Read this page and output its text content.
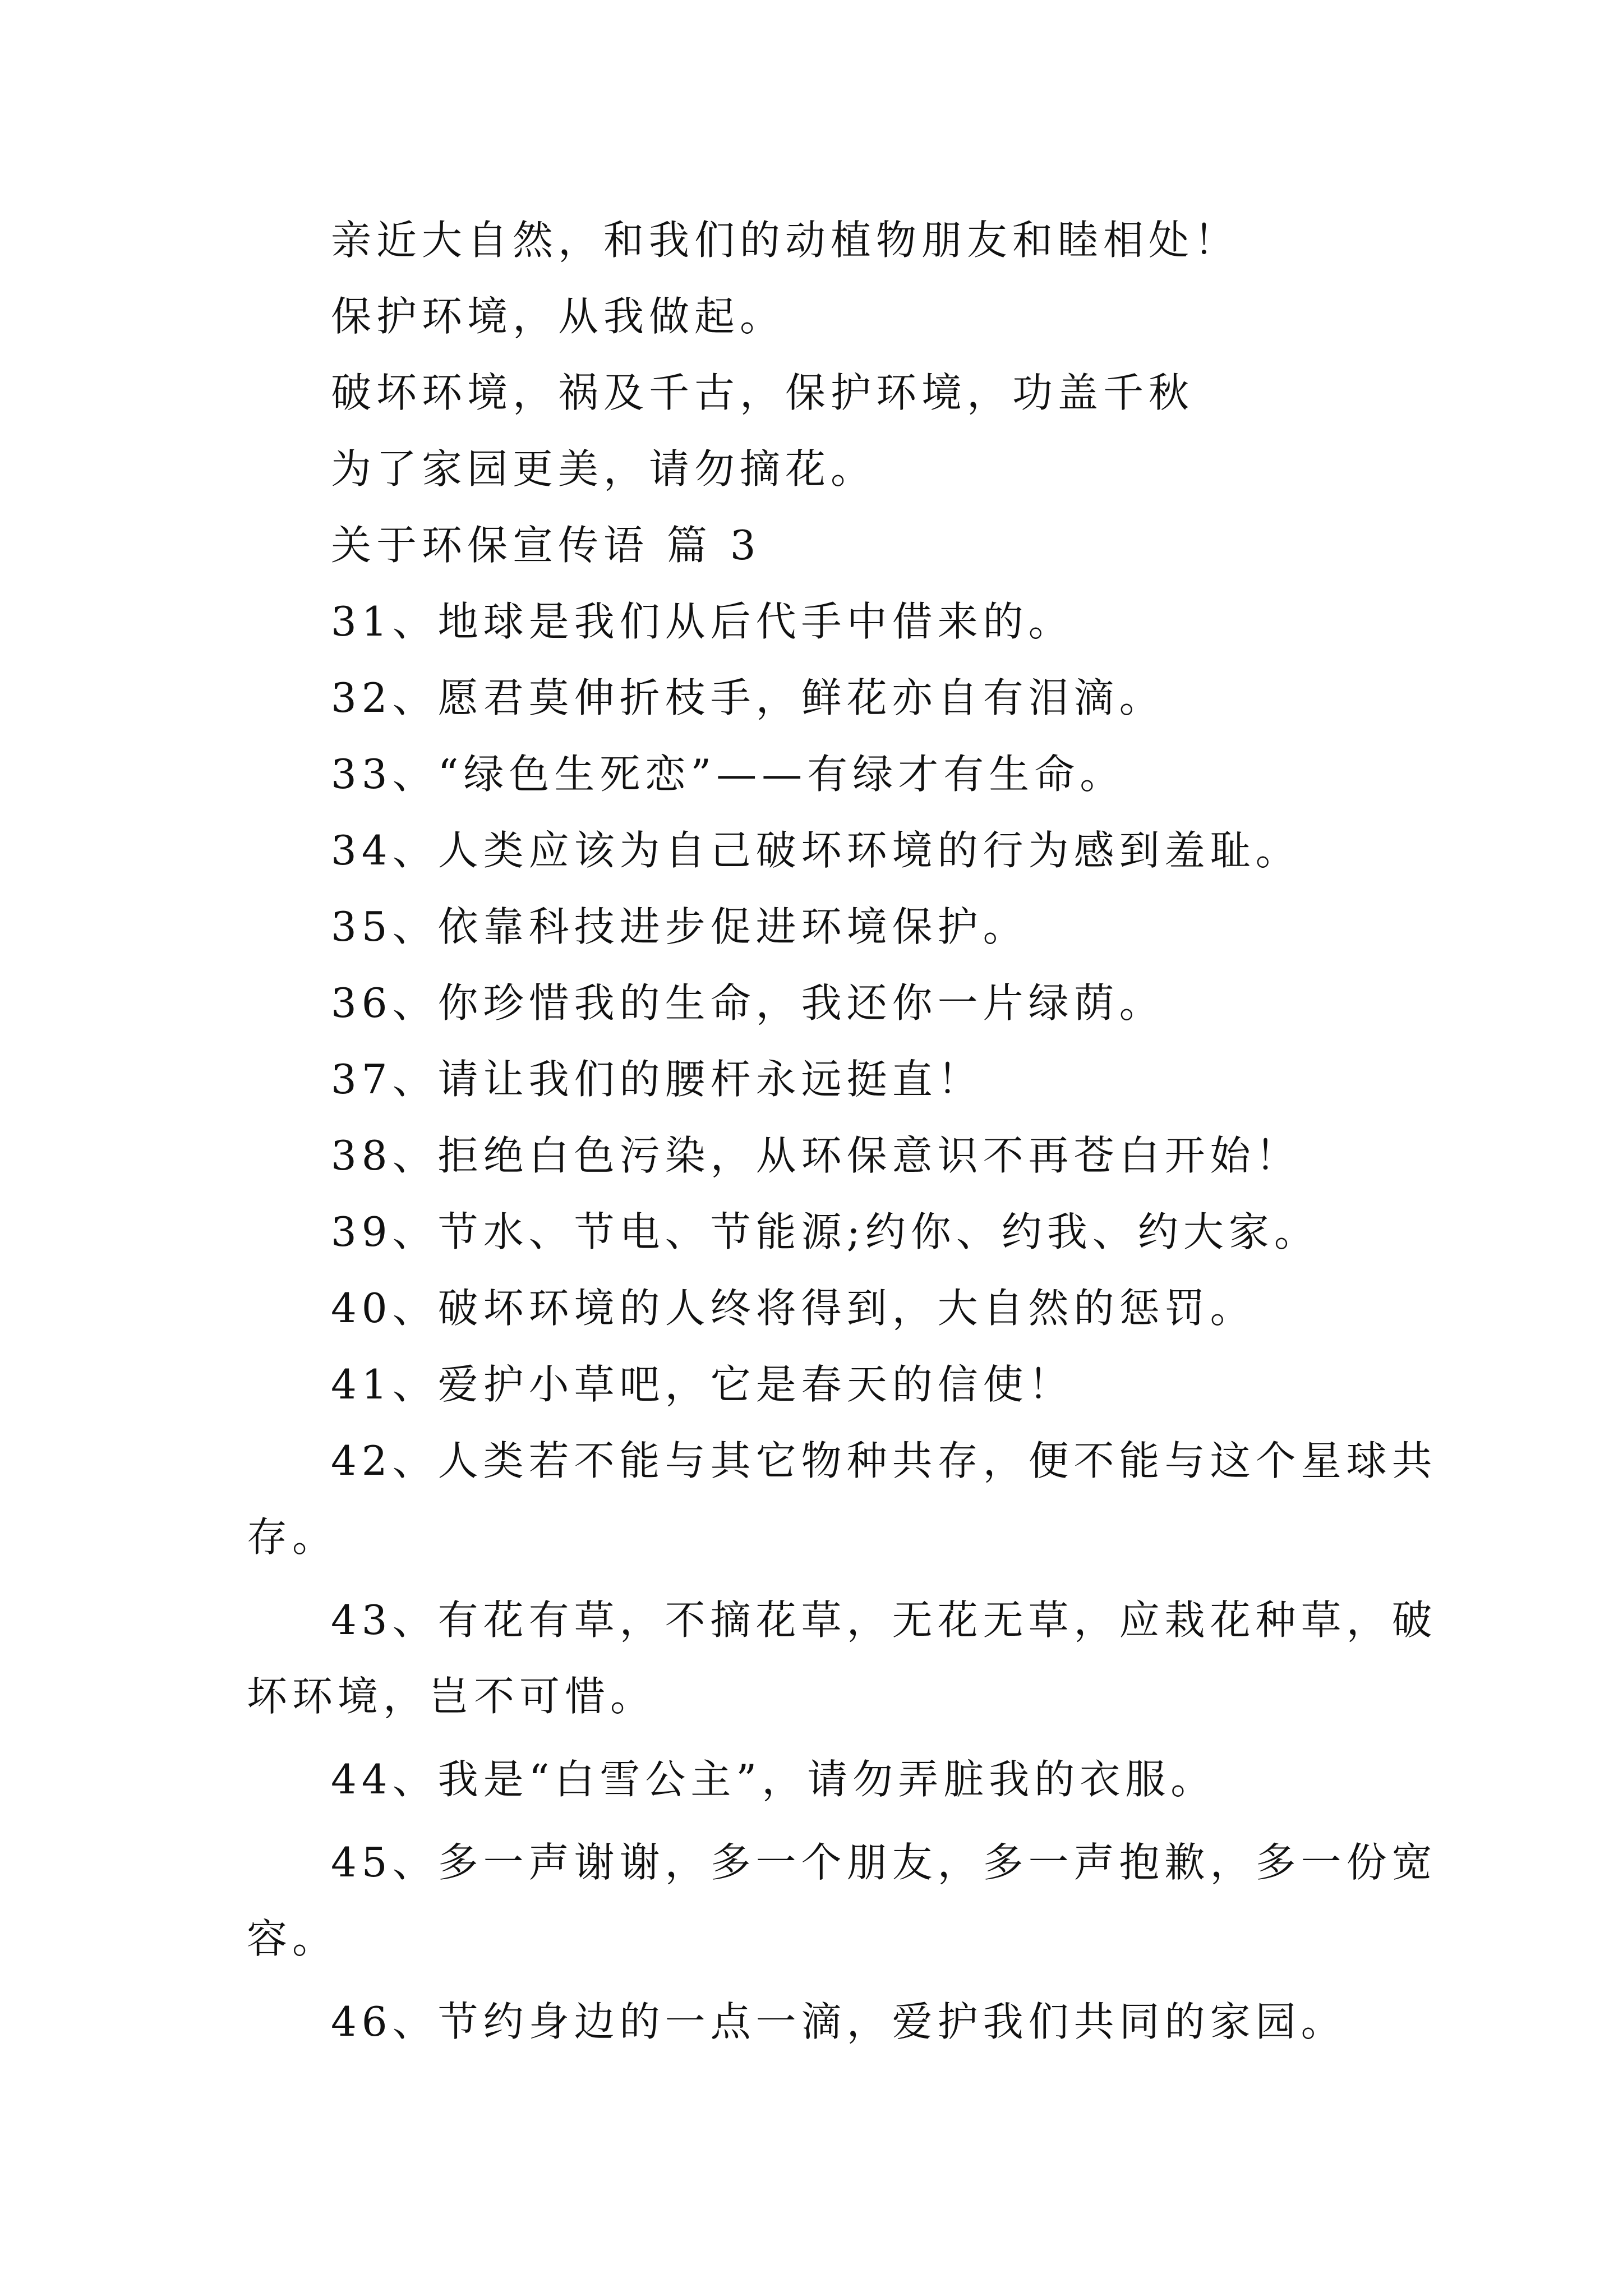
亲近大自然，和我们的动植物朋友和睦相处！

保护环境，从我做起。

破坏环境，祸及千古，保护环境，功盖千秋

为了家园更美，请勿摘花。

关于环保宣传语 篇 3

31、地球是我们从后代手中借来的。

32、愿君莫伸折枝手，鲜花亦自有泪滴。

33、“绿色生死恋”——有绿才有生命。

34、人类应该为自己破坏环境的行为感到羞耻。

35、依靠科技进步促进环境保护。

36、你珍惜我的生命，我还你一片绿荫。

37、请让我们的腰杆永远挺直！

38、拒绝白色污染，从环保意识不再苍白开始！

39、节水、节电、节能源;约你、约我、约大家。

40、破坏环境的人终将得到，大自然的惩罚。

41、爱护小草吧，它是春天的信使！

42、人类若不能与其它物种共存，便不能与这个星球共

存。

43、有花有草，不摘花草，无花无草，应栽花种草，破

坏环境，岂不可惜。

44、我是“白雪公主”，请勿弄脏我的衣服。

45、多一声谢谢，多一个朋友，多一声抱歉，多一份宽

容。

46、节约身边的一点一滴，爱护我们共同的家园。
